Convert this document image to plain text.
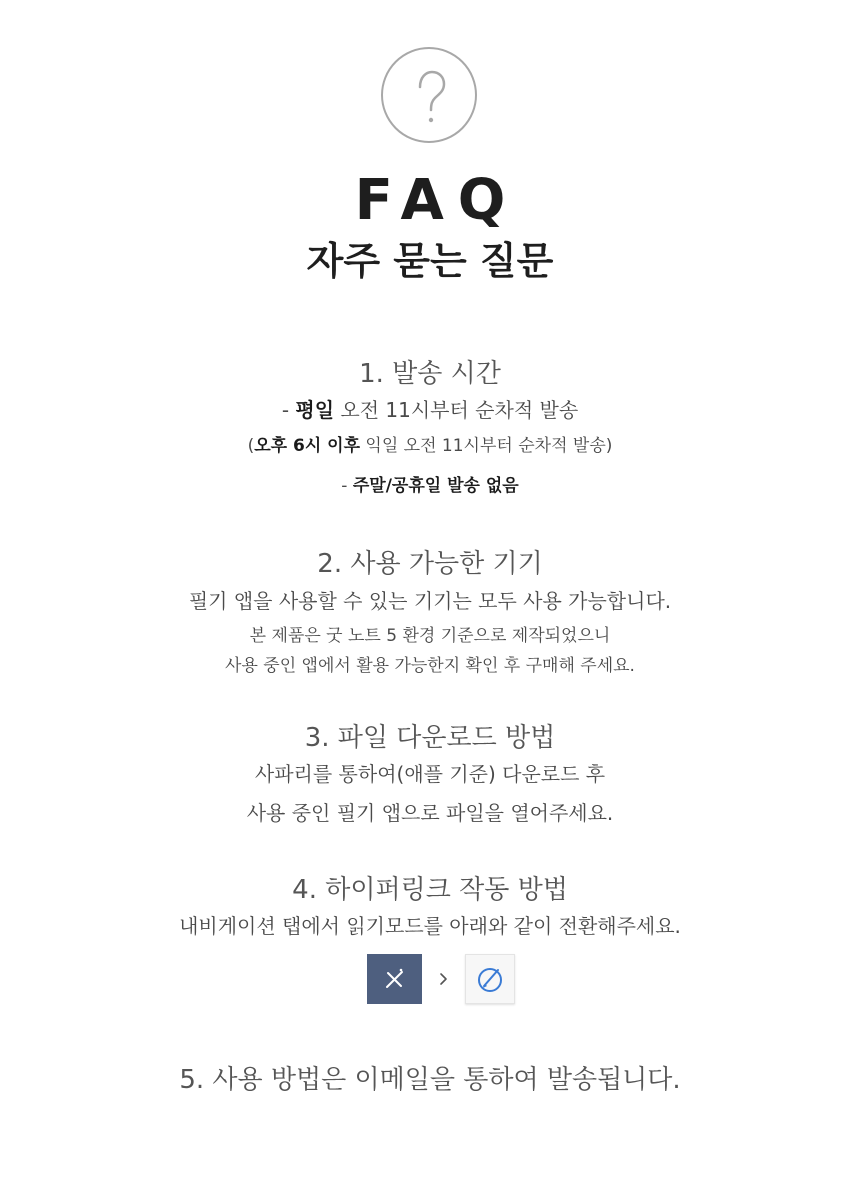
FAQ
자주 묻는 질문
1. 발송 시간
- 평일 오전 11시부터 순차적 발송
(오후 6시 이후 익일 오전 11시부터 순차적 발송)
- 주말/공휴일 발송 없음
2. 사용 가능한 기기
필기 앱을 사용할 수 있는 기기는 모두 사용 가능합니다.
본 제품은 굿 노트 5 환경 기준으로 제작되었으니
사용 중인 앱에서 활용 가능한지 확인 후 구매해 주세요.
3. 파일 다운로드 방법
사파리를 통하여(애플 기준) 다운로드 후
사용 중인 필기 앱으로 파일을 열어주세요.
4. 하이퍼링크 작동 방법
내비게이션 탭에서 읽기모드를 아래와 같이 전환해주세요.
5. 사용 방법은 이메일을 통하여 발송됩니다.
